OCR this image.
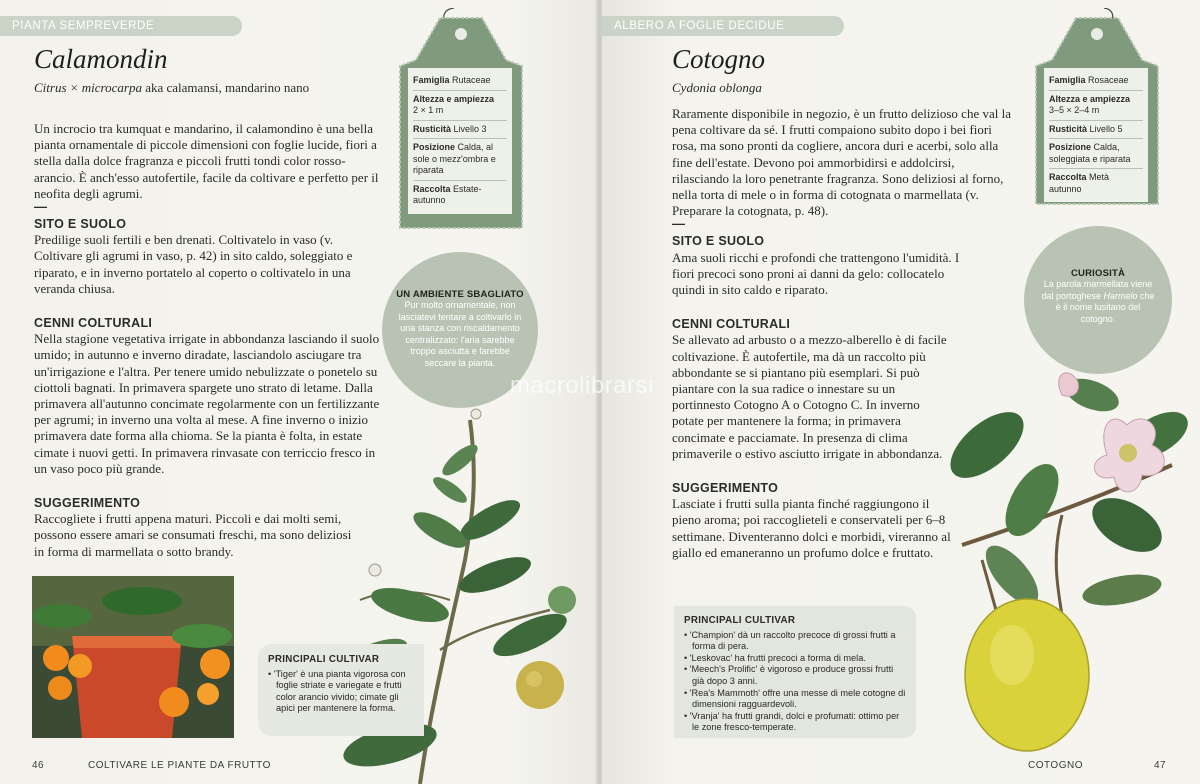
PIANTA SEMPREVERDE
Calamondin
Citrus × microcarpa aka calamansi, mandarino nano

Un incrocio tra kumquat e mandarino, il calamondino è una bella pianta ornamentale di piccole dimensioni con foglie lucide, fiori a stella dalla dolce fragranza e piccoli frutti tondi color rosso-arancio. È anch'esso autofertile, facile da coltivare e perfetto per il neofita degli agrumi.

—
SITO E SUOLO

Predilige suoli fertili e ben drenati. Coltivatelo in vaso (v. Coltivare gli agrumi in vaso, p. 42) in sito caldo, soleggiato e riparato, e in inverno portatelo al coperto o coltivatelo in una veranda chiusa.

CENNI COLTURALI

Nella stagione vegetativa irrigate in abbondanza lasciando il suolo umido; in autunno e inverno diradate, lasciandolo asciugare tra un'irrigazione e l'altra. Per tenere umido nebulizzate o ponetelo su ciottoli bagnati. In primavera spargete uno strato di letame. Dalla primavera all'autunno concimate regolarmente con un fertilizzante per agrumi; in inverno una volta al mese. A fine inverno o inizio primavera date forma alla chioma. Se la pianta è folta, in estate cimate i nuovi getti. In primavera rinvasate con terriccio fresco in un vaso poco più grande.

SUGGERIMENTO

Raccogliete i frutti appena maturi. Piccoli e dai molti semi, possono essere amari se consumati freschi, ma sono deliziosi in forma di marmellata o sotto brandy.

Famiglia Rutaceae
Altezza e ampiezza
2 × 1 m
Rusticità Livello 3
Posizione Calda, al sole o mezz'ombra e riparata
Raccolta Estate-autunno
UN AMBIENTE SBAGLIATO
Pur molto ornamentale, non lasciatevi tentare a coltivarlo in una stanza con riscaldamento centralizzato: l'aria sarebbe troppo asciutta e farebbe seccare la pianta.
PRINCIPALI CULTIVAR
• 'Tiger' è una pianta vigorosa con foglie striate e variegate e frutti color arancio vivido; cimate gli apici per mantenere la forma.
46	COLTIVARE LE PIANTE DA FRUTTO
ALBERO A FOGLIE DECIDUE
Cotogno
Cydonia oblonga

Raramente disponibile in negozio, è un frutto delizioso che val la pena coltivare da sé. I frutti compaiono subito dopo i bei fiori rosa, ma sono pronti da cogliere, ancora duri e acerbi, solo alla fine dell'estate. Devono poi ammorbidirsi e addolcirsi, rilasciando la loro penetrante fragranza. Sono deliziosi al forno, nella torta di mele o in forma di cotognata o marmellata (v. Preparare la cotognata, p. 48).

—
SITO E SUOLO

Ama suoli ricchi e profondi che trattengono l'umidità. I fiori precoci sono proni ai danni da gelo: collocatelo quindi in sito caldo e riparato.

CENNI COLTURALI

Se allevato ad arbusto o a mezzo-alberello è di facile coltivazione. È autofertile, ma dà un raccolto più abbondante se si piantano più esemplari. Si può piantare con la sua radice o innestare su un portinnesto Cotogno A o Cotogno C. In inverno potate per mantenere la forma; in primavera concimate e pacciamate. In presenza di clima primaverile o estivo asciutto irrigate in abbondanza.

SUGGERIMENTO

Lasciate i frutti sulla pianta finché raggiungono il pieno aroma; poi raccoglieteli e conservateli per 6–8 settimane. Diventeranno dolci e morbidi, vireranno al giallo ed emaneranno un profumo dolce e fruttato.

Famiglia Rosaceae
Altezza e ampiezza
3–5 × 2–4 m
Rusticità Livello 5
Posizione Calda, soleggiata e riparata
Raccolta Metà autunno
CURIOSITÀ
La parola marmellata viene dal portoghese Harmelo che è il nome lusitano del cotogno.
PRINCIPALI CULTIVAR
• 'Champion' dà un raccolto precoce di grossi frutti a forma di pera.
• 'Leskovac' ha frutti precoci a forma di mela.
• 'Meech's Prolific' è vigoroso e produce grossi frutti già dopo 3 anni.
• 'Rea's Mammoth' offre una messe di mele cotogne di dimensioni ragguardevoli.
• 'Vranja' ha frutti grandi, dolci e profumati: ottimo per le zone fresco-temperate.
COTOGNO	47
macrolibrarsi
